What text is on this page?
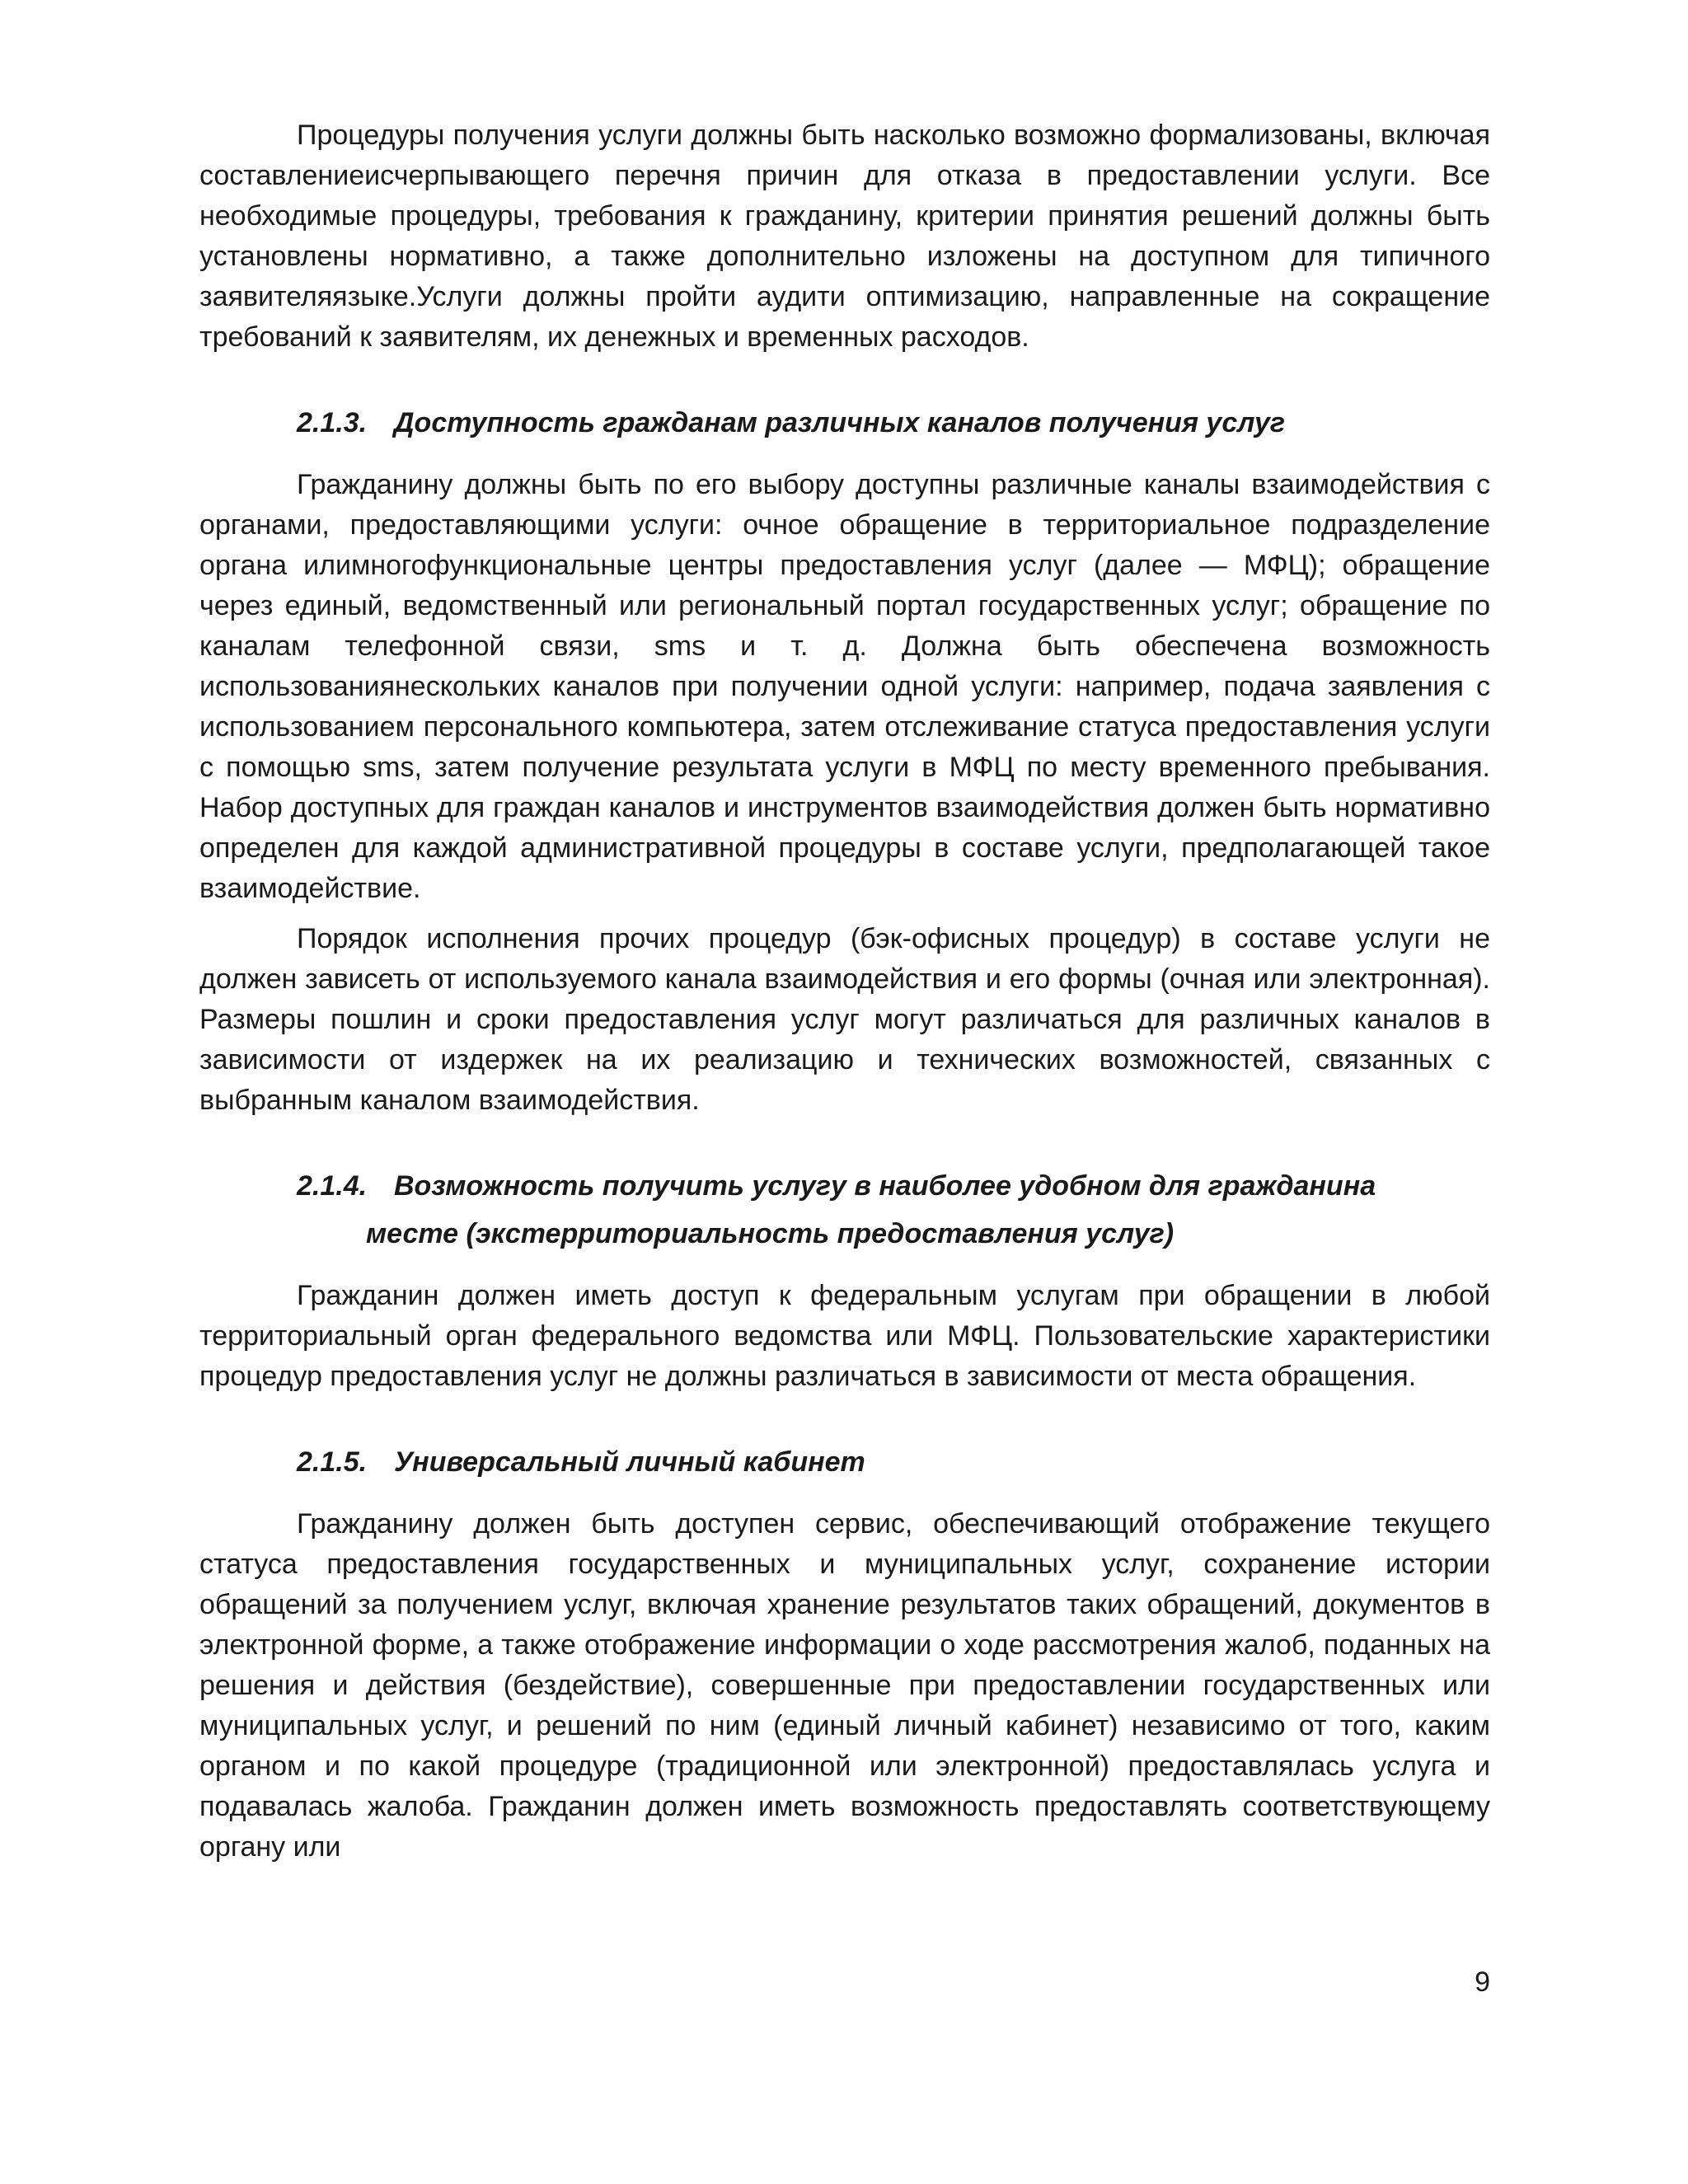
Процедуры получения услуги должны быть насколько возможно формализованы, включая составлениеисчерпывающего перечня причин для отказа в предоставлении услуги. Все необходимые процедуры, требования к гражданину, критерии принятия решений должны быть установлены нормативно, а также дополнительно изложены на доступном для типичного заявителяязыке.Услуги должны пройти аудити оптимизацию, направленные на сокращение требований к заявителям, их денежных и временных расходов.

2.1.3. Доступность гражданам различных каналов получения услуг

Гражданину должны быть по его выбору доступны различные каналы взаимодействия с органами, предоставляющими услуги: очное обращение в территориальное подразделение органа илимногофункциональные центры предоставления услуг (далее — МФЦ); обращение через единый, ведомственный или региональный портал государственных услуг; обращение по каналам телефонной связи, sms и т. д. Должна быть обеспечена возможность использованиянескольких каналов при получении одной услуги: например, подача заявления с использованием персонального компьютера, затем отслеживание статуса предоставления услуги с помощью sms, затем получение результата услуги в МФЦ по месту временного пребывания. Набор доступных для граждан каналов и инструментов взаимодействия должен быть нормативно определен для каждой административной процедуры в составе услуги, предполагающей такое взаимодействие.

Порядок исполнения прочих процедур (бэк-офисных процедур) в составе услуги не должен зависеть от используемого канала взаимодействия и его формы (очная или электронная). Размеры пошлин и сроки предоставления услуг могут различаться для различных каналов в зависимости от издержек на их реализацию и технических возможностей, связанных с выбранным каналом взаимодействия.

2.1.4. Возможность получить услугу в наиболее удобном для гражданина
месте (экстерриториальность предоставления услуг)

Гражданин должен иметь доступ к федеральным услугам при обращении в любой территориальный орган федерального ведомства или МФЦ. Пользовательские характеристики процедур предоставления услуг не должны различаться в зависимости от места обращения.

2.1.5. Универсальный личный кабинет

Гражданину должен быть доступен сервис, обеспечивающий отображение текущего статуса предоставления государственных и муниципальных услуг, сохранение истории обращений за получением услуг, включая хранение результатов таких обращений, документов в электронной форме, а также отображение информации о ходе рассмотрения жалоб, поданных на решения и действия (бездействие), совершенные при предоставлении государственных или муниципальных услуг, и решений по ним (единый личный кабинет) независимо от того, каким органом и по какой процедуре (традиционной или электронной) предоставлялась услуга и подавалась жалоба. Гражданин должен иметь возможность предоставлять соответствующему органу или

9
